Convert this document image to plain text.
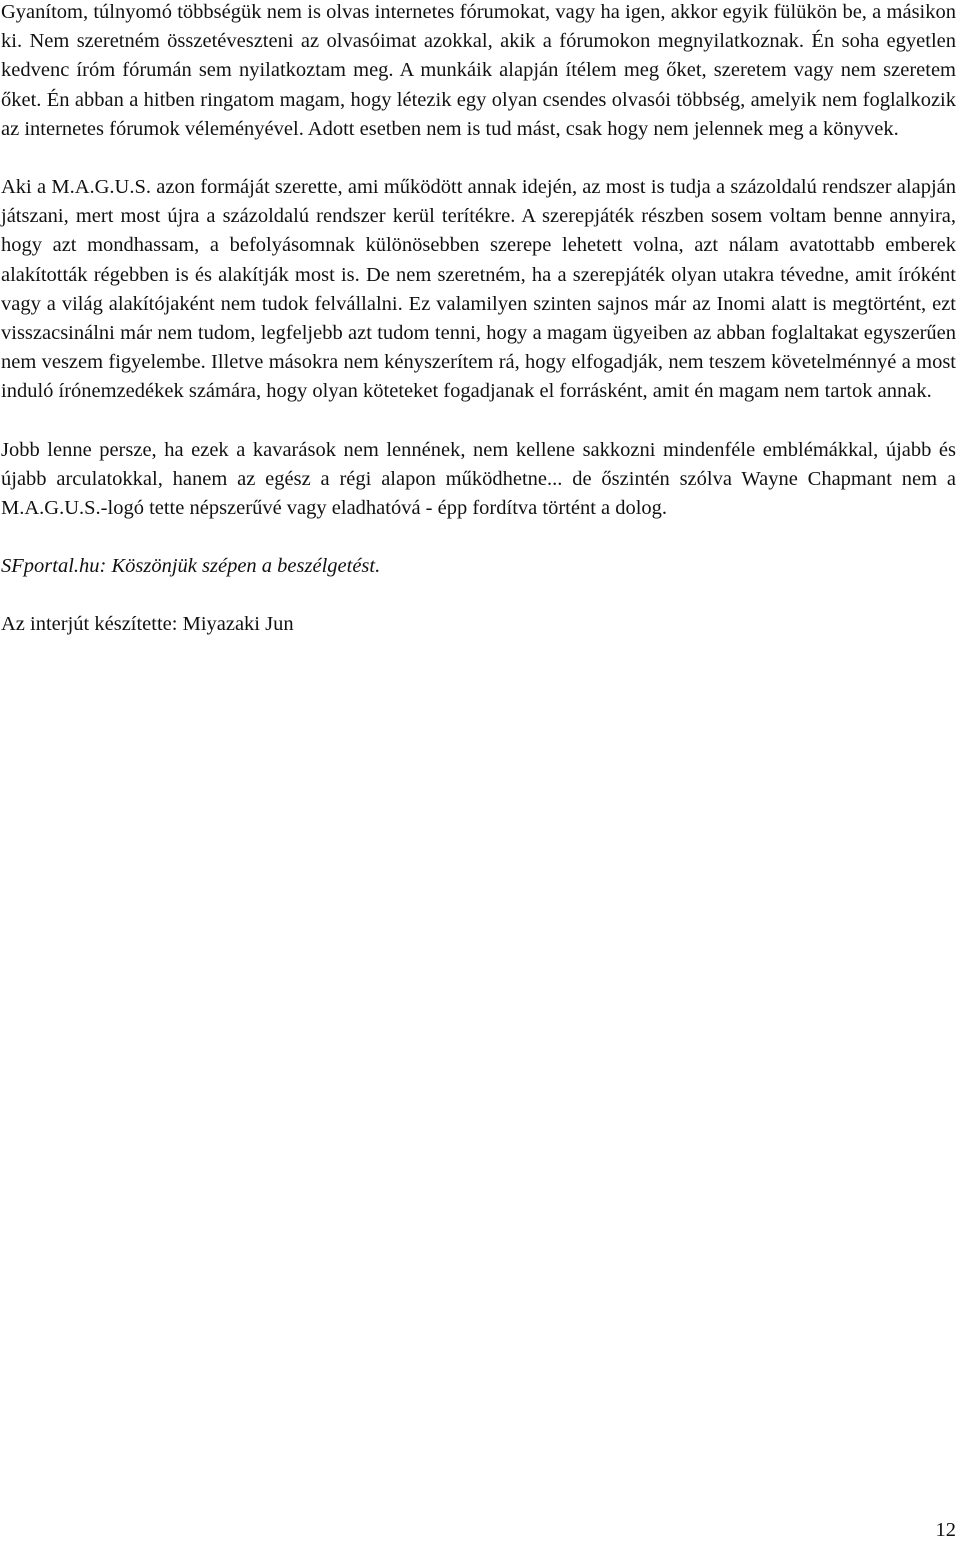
Gyanítom, túlnyomó többségük nem is olvas internetes fórumokat, vagy ha igen, akkor egyik fülükön be, a másikon ki. Nem szeretném összetéveszteni az olvasóimat azokkal, akik a fórumokon megnyilatkoznak. Én soha egyetlen kedvenc íróm fórumán sem nyilatkoztam meg. A munkáik alapján ítélem meg őket, szeretem vagy nem szeretem őket. Én abban a hitben ringatom magam, hogy létezik egy olyan csendes olvasói többség, amelyik nem foglalkozik az internetes fórumok véleményével. Adott esetben nem is tud mást, csak hogy nem jelennek meg a könyvek.

Aki a M.A.G.U.S. azon formáját szerette, ami működött annak idején, az most is tudja a százoldalú rendszer alapján játszani, mert most újra a százoldalú rendszer kerül terítékre. A szerepjáték részben sosem voltam benne annyira, hogy azt mondhassam, a befolyásomnak különösebben szerepe lehetett volna, azt nálam avatottabb emberek alakították régebben is és alakítják most is. De nem szeretném, ha a szerepjáték olyan utakra tévedne, amit íróként vagy a világ alakítójaként nem tudok felvállalni. Ez valamilyen szinten sajnos már az Inomi alatt is megtörtént, ezt visszacsinálni már nem tudom, legfeljebb azt tudom tenni, hogy a magam ügyeiben az abban foglaltakat egyszerűen nem veszem figyelembe. Illetve másokra nem kényszerítem rá, hogy elfogadják, nem teszem követelménnyé a most induló írónemzedékek számára, hogy olyan köteteket fogadjanak el forrásként, amit én magam nem tartok annak.

Jobb lenne persze, ha ezek a kavarások nem lennének, nem kellene sakkozni mindenféle emblémákkal, újabb és újabb arculatokkal, hanem az egész a régi alapon működhetne... de őszintén szólva Wayne Chapmant nem a M.A.G.U.S.-logó tette népszerűvé vagy eladhatóvá - épp fordítva történt a dolog.

SFportal.hu: Köszönjük szépen a beszélgetést.

Az interjút készítette: Miyazaki Jun

12
